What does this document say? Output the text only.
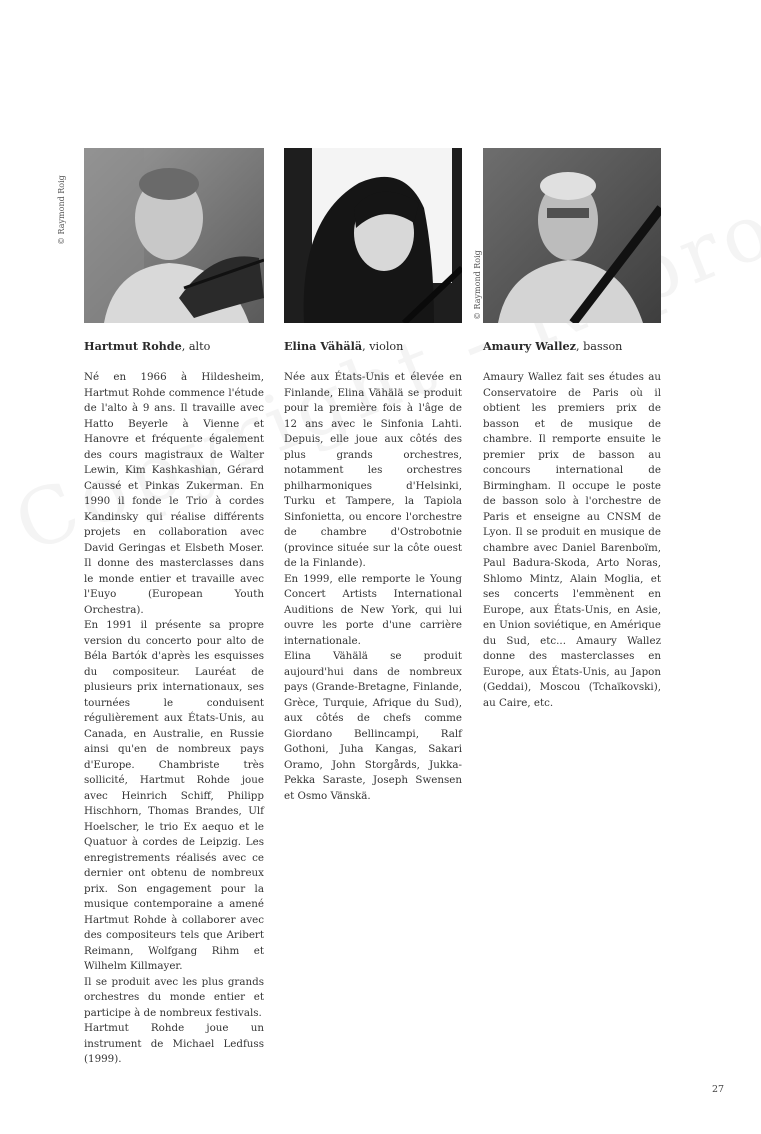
Hartmut Rohde, alto

Né en 1966 à Hildesheim, Hartmut Rohde commence l'étude de l'alto à 9 ans. Il travaille avec Hatto Beyerle à Vienne et Hanovre et fréquente également des cours magistraux de Walter Lewin, Kim Kashkashian, Gérard Caussé et Pinkas Zukerman. En 1990 il fonde le Trio à cordes Kandinsky qui réalise différents projets en collaboration avec David Geringas et Elsbeth Moser. Il donne des masterclasses dans le monde entier et travaille avec l'Euyo (European Youth Orchestra).

En 1991 il présente sa propre version du concerto pour alto de Béla Bartók d'après les esquisses du compositeur. Lauréat de plusieurs prix internationaux, ses tournées le conduisent régulièrement aux États-Unis, au Canada, en Australie, en Russie ainsi qu'en de nombreux pays d'Europe. Chambriste très sollicité, Hartmut Rohde joue avec Heinrich Schiff, Philipp Hischhorn, Thomas Brandes, Ulf Hoelscher, le trio Ex aequo et le Quatuor à cordes de Leipzig. Les enregistrements réalisés avec ce dernier ont obtenu de nombreux prix. Son engagement pour la musique contemporaine a amené Hartmut Rohde à collaborer avec des compositeurs tels que Aribert Reimann, Wolfgang Rihm et Wilhelm Killmayer.

Il se produit avec les plus grands orchestres du monde entier et participe à de nombreux festivals.

Hartmut Rohde joue un instrument de Michael Ledfuss (1999).

© Raymond Roig
Elina Vähälä, violon

Née aux États-Unis et élevée en Finlande, Elina Vähälä se produit pour la première fois à l'âge de 12 ans avec le Sinfonia Lahti. Depuis, elle joue aux côtés des plus grands orchestres, notamment les orchestres philharmoniques d'Helsinki, Turku et Tampere, la Tapiola Sinfonietta, ou encore l'orchestre de chambre d'Ostrobotnie (province située sur la côte ouest de la Finlande).

En 1999, elle remporte le Young Concert Artists International Auditions de New York, qui lui ouvre les porte d'une carrière internationale.

Elina Vähälä se produit aujourd'hui dans de nombreux pays (Grande-Bretagne, Finlande, Grèce, Turquie, Afrique du Sud), aux côtés de chefs comme Giordano Bellincampi, Ralf Gothoni, Juha Kangas, Sakari Oramo, John Storgårds, Jukka-Pekka Saraste, Joseph Swensen et Osmo Vänskä.

Amaury Wallez, basson

Amaury Wallez fait ses études au Conservatoire de Paris où il obtient les premiers prix de basson et de musique de chambre. Il remporte ensuite le premier prix de basson au concours international de Birmingham. Il occupe le poste de basson solo à l'orchestre de Paris et enseigne au CNSM de Lyon. Il se produit en musique de chambre avec Daniel Barenboïm, Paul Badura-Skoda, Arto Noras, Shlomo Mintz, Alain Moglia, et ses concerts l'emmènent en Europe, aux États-Unis, en Asie, en Union soviétique, en Amérique du Sud, etc... Amaury Wallez donne des masterclasses en Europe, aux États-Unis, au Japon (Geddai), Moscou (Tchaïkovski), au Caire, etc.

© Raymond Roig
27
